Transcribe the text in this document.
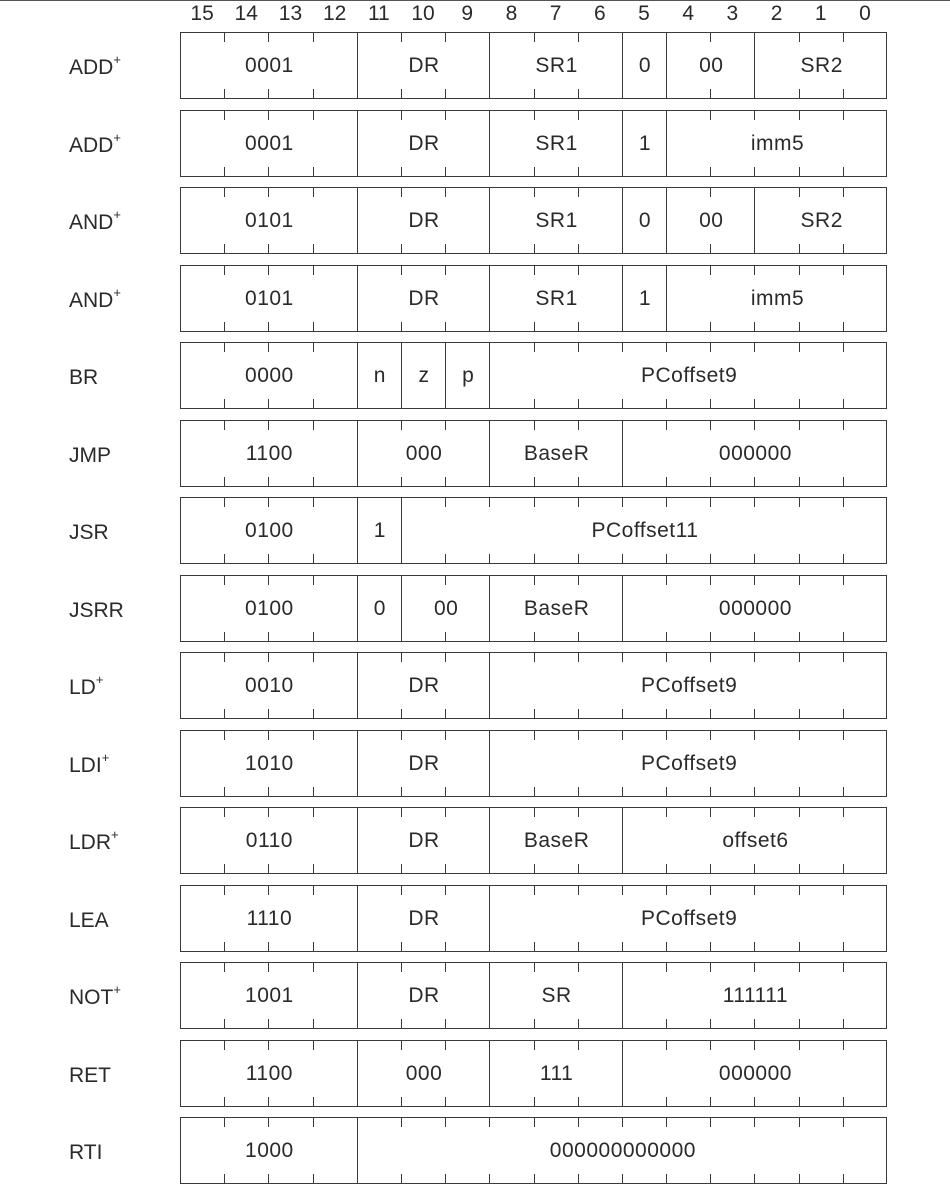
15 14 13 12 11 10 9 8 7 6 5 4 3 2 1 0
ADD+	0001	DR	SR1	0	00	SR2
ADD+	0001	DR	SR1	1	imm5
AND+	0101	DR	SR1	0	00	SR2
AND+	0101	DR	SR1	1	imm5
BR	0000	n	z	p	PCoffset9
JMP	1100	000	BaseR	000000
JSR	0100	1	PCoffset11
JSRR	0100	0	00	BaseR	000000
LD+	0010	DR	PCoffset9
LDI+	1010	DR	PCoffset9
LDR+	0110	DR	BaseR	offset6
LEA	1110	DR	PCoffset9
NOT+	1001	DR	SR	111111
RET	1100	000	111	000000
RTI	1000	000000000000
